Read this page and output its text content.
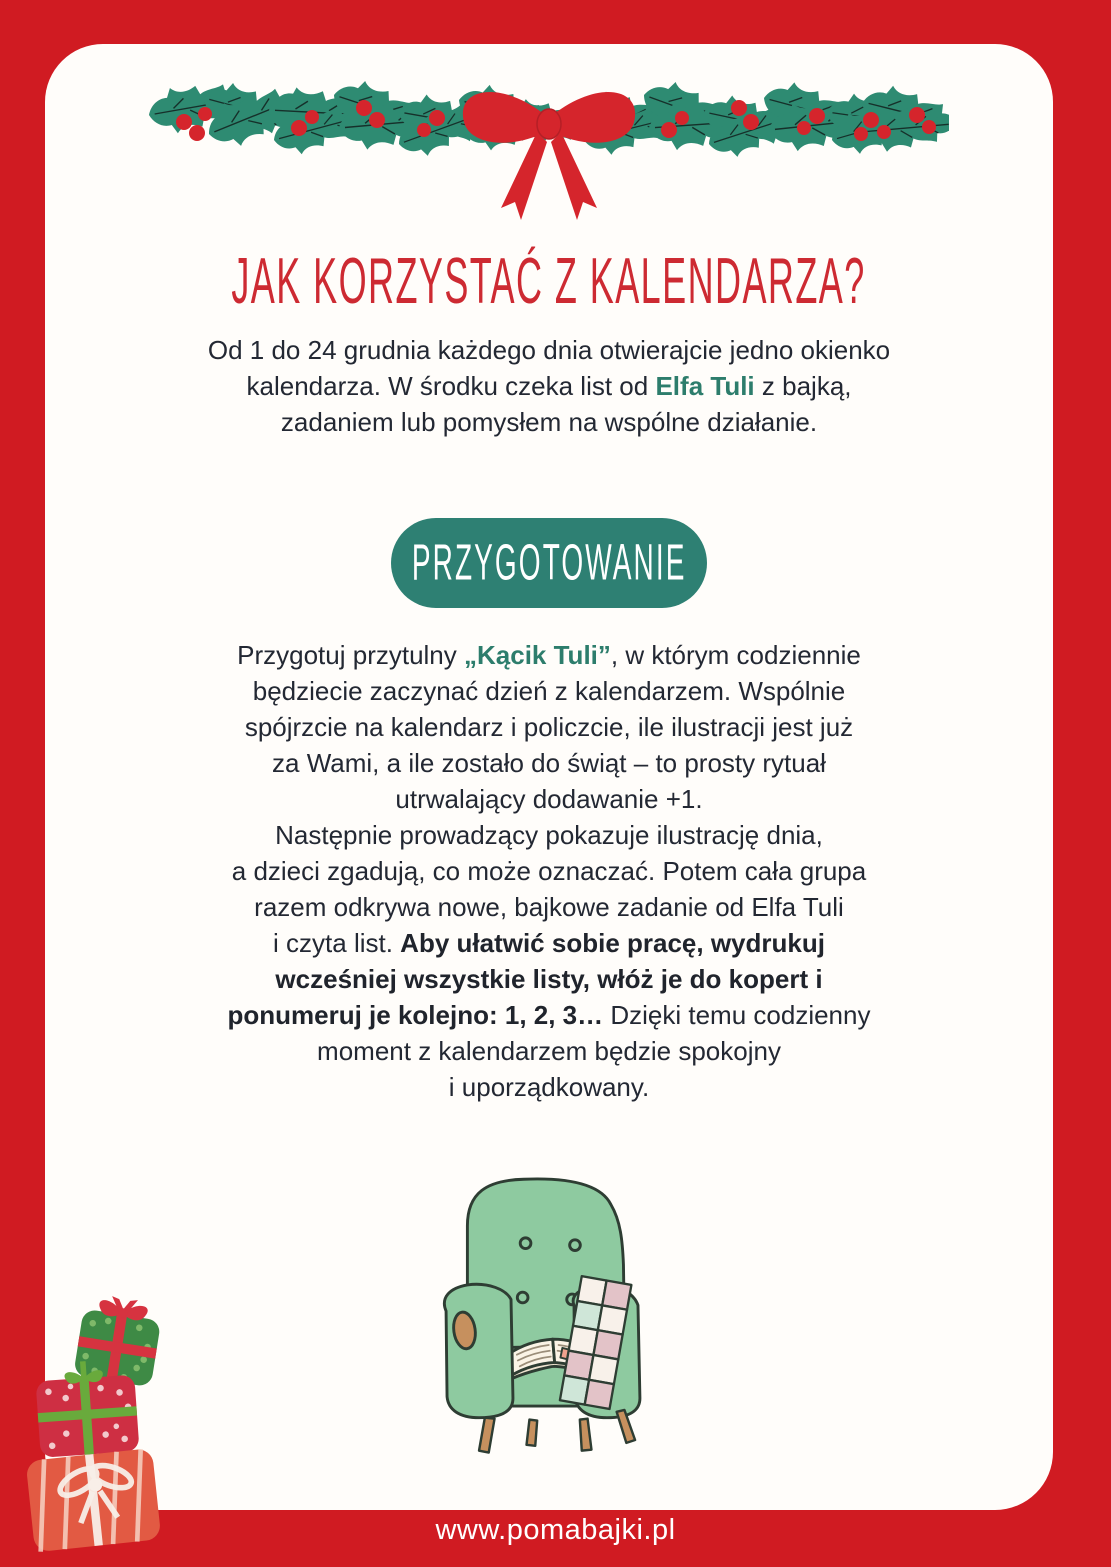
JAK KORZYSTAĆ Z KALENDARZA?
Od 1 do 24 grudnia każdego dnia otwierajcie jedno okienko
kalendarza. W środku czeka list od Elfa Tuli z bajką,
zadaniem lub pomysłem na wspólne działanie.
PRZYGOTOWANIE
Przygotuj przytulny „Kącik Tuli”, w którym codziennie
będziecie zaczynać dzień z kalendarzem. Wspólnie
spójrzcie na kalendarz i policzcie, ile ilustracji jest już
za Wami, a ile zostało do świąt – to prosty rytuał
utrwalający dodawanie +1.
Następnie prowadzący pokazuje ilustrację dnia,
a dzieci zgadują, co może oznaczać. Potem cała grupa
razem odkrywa nowe, bajkowe zadanie od Elfa Tuli
i czyta list. Aby ułatwić sobie pracę, wydrukuj
wcześniej wszystkie listy, włóż je do kopert i
ponumeruj je kolejno: 1, 2, 3… Dzięki temu codzienny
moment z kalendarzem będzie spokojny
i uporządkowany.
www.pomabajki.pl
